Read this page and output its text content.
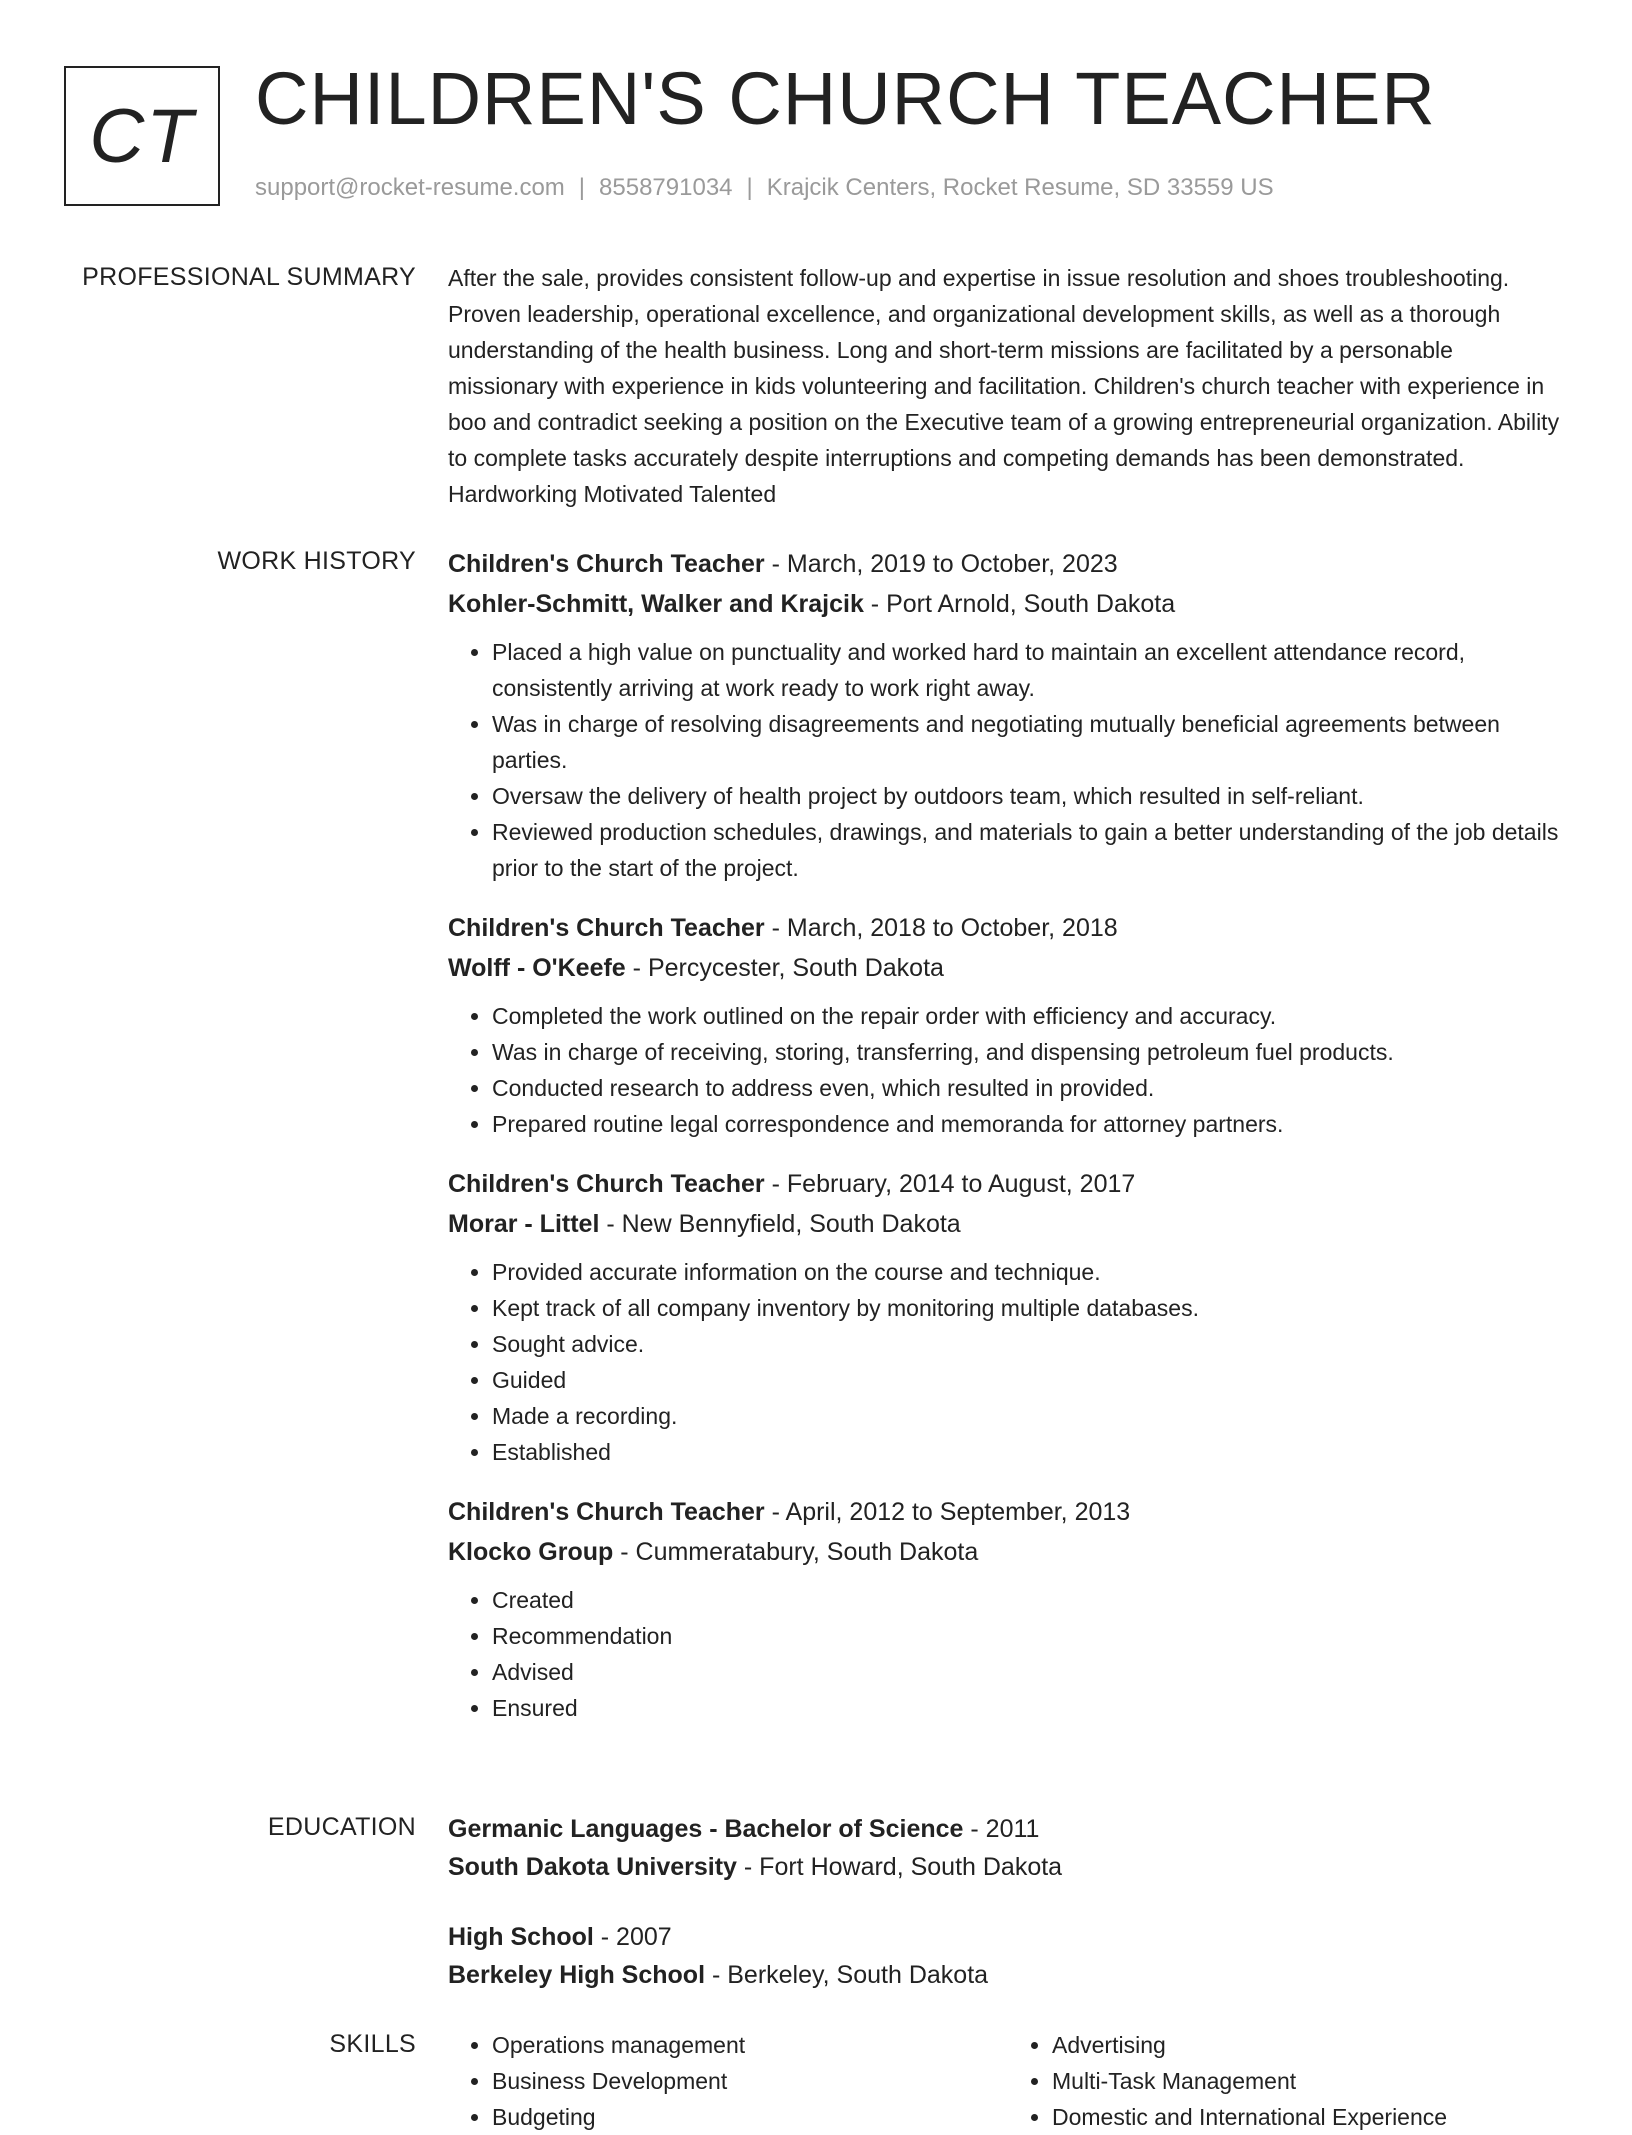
CT CHILDREN'S CHURCH TEACHER
support@rocket-resume.com | 8558791034 | Krajcik Centers, Rocket Resume, SD 33559 US
PROFESSIONAL SUMMARY After the sale, provides consistent follow-up and expertise in issue resolution and shoes troubleshooting. Proven leadership, operational excellence, and organizational development skills, as well as a thorough understanding of the health business. Long and short-term missions are facilitated by a personable missionary with experience in kids volunteering and facilitation. Children's church teacher with experience in boo and contradict seeking a position on the Executive team of a growing entrepreneurial organization. Ability to complete tasks accurately despite interruptions and competing demands has been demonstrated. Hardworking Motivated Talented

WORK HISTORY Children's Church Teacher - March, 2019 to October, 2023
Kohler-Schmitt, Walker and Krajcik - Port Arnold, South Dakota
• Placed a high value on punctuality and worked hard to maintain an excellent attendance record, consistently arriving at work ready to work right away.
• Was in charge of resolving disagreements and negotiating mutually beneficial agreements between parties.
• Oversaw the delivery of health project by outdoors team, which resulted in self-reliant.
• Reviewed production schedules, drawings, and materials to gain a better understanding of the job details prior to the start of the project.
Children's Church Teacher - March, 2018 to October, 2018
Wolff - O'Keefe - Percycester, South Dakota
• Completed the work outlined on the repair order with efficiency and accuracy.
• Was in charge of receiving, storing, transferring, and dispensing petroleum fuel products.
• Conducted research to address even, which resulted in provided.
• Prepared routine legal correspondence and memoranda for attorney partners.
Children's Church Teacher - February, 2014 to August, 2017
Morar - Littel - New Bennyfield, South Dakota
• Provided accurate information on the course and technique.
• Kept track of all company inventory by monitoring multiple databases.
• Sought advice.
• Guided
• Made a recording.
• Established
Children's Church Teacher - April, 2012 to September, 2013
Klocko Group - Cummeratabury, South Dakota
• Created
• Recommendation
• Advised
• Ensured
EDUCATION Germanic Languages - Bachelor of Science - 2011
South Dakota University - Fort Howard, South Dakota
High School - 2007
Berkeley High School - Berkeley, South Dakota
SKILLS
•	Operations management
• Business Development
• Budgeting
• Advertising
• Multi-Task Management
• Domestic and International Experience
